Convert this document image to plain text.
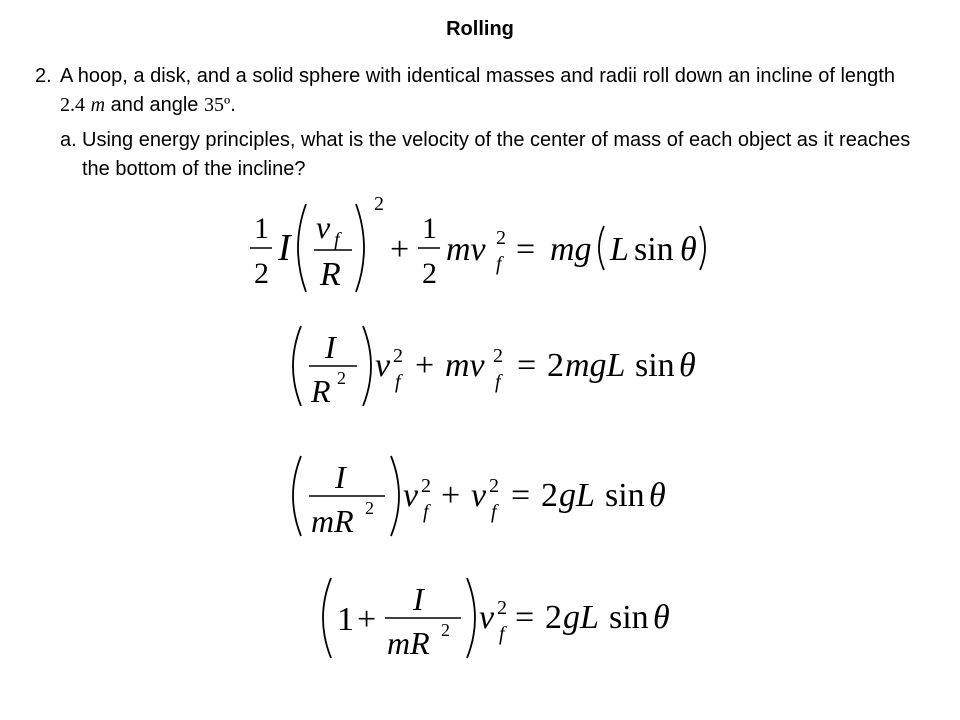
Rolling
2. A hoop, a disk, and a solid sphere with identical masses and radii roll down an incline of length 2.4 m and angle 35º.
a. Using energy principles, what is the velocity of the center of mass of each object as it reaches the bottom of the incline?
1
2
I v f
R
2
+
1
2
mv 2
f = mg L sin θ
I
R 2 v 2
f + mv 2
f = 2 mgL sin θ
I
mR 2 v 2
f + v 2
f = 2 gL sin θ
1 +
I
mR 2 v 2
f = 2 gL sin θ
